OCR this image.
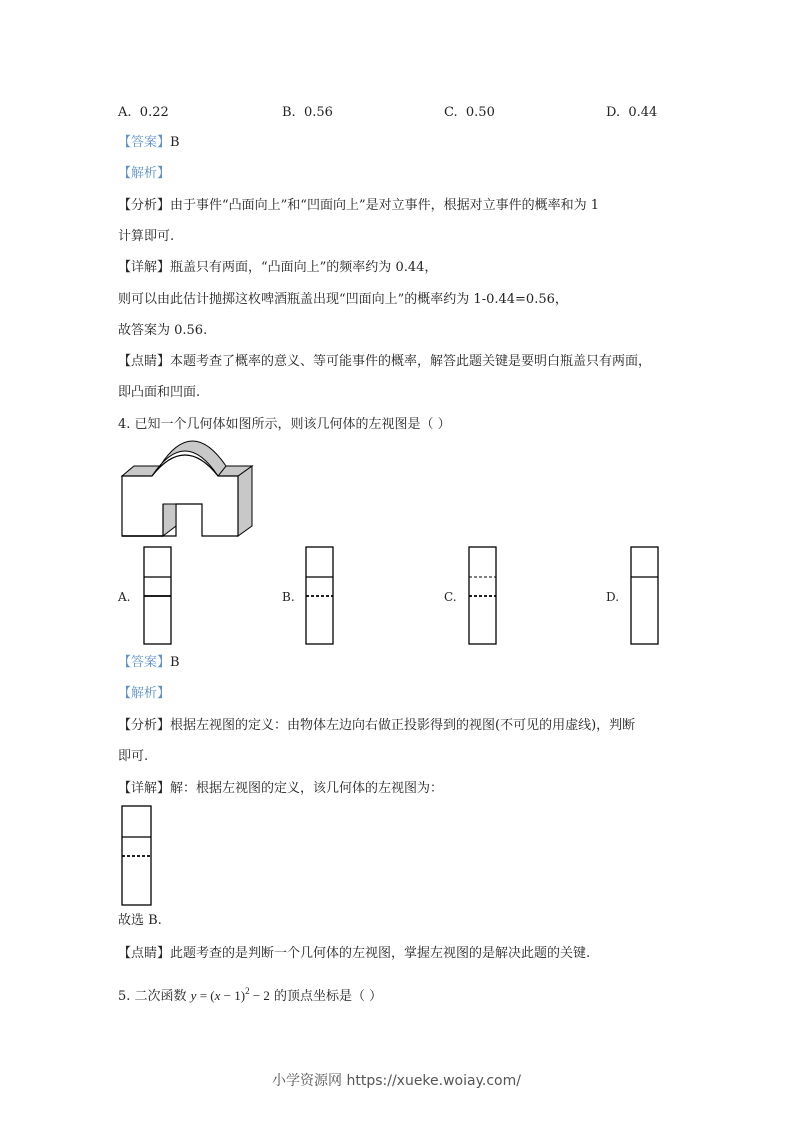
A. 0.22	B. 0.56	C. 0.50	D. 0.44
【答案】B
【解析】
【分析】由于事件“凸面向上”和“凹面向上”是对立事件，根据对立事件的概率和为 1
计算即可.
【详解】瓶盖只有两面，“凸面向上”的频率约为 0.44，
则可以由此估计抛掷这枚啤酒瓶盖出现“凹面向上”的概率约为 1-0.44=0.56，
故答案为 0.56.
【点睛】本题考查了概率的意义、等可能事件的概率，解答此题关键是要明白瓶盖只有两面，
即凸面和凹面.
4. 已知一个几何体如图所示，则该几何体的左视图是（ ）
A.	B.	C.	D.
【答案】B
【解析】
【分析】根据左视图的定义：由物体左边向右做正投影得到的视图(不可见的用虚线)，判断
即可.
【详解】解：根据左视图的定义，该几何体的左视图为：
故选 B.
【点睛】此题考查的是判断一个几何体的左视图，掌握左视图的是解决此题的关键.
5. 二次函数 $y = (x - 1)^2 - 2$ 的顶点坐标是（ ）
小学资源网 https://xueke.woiay.com/
